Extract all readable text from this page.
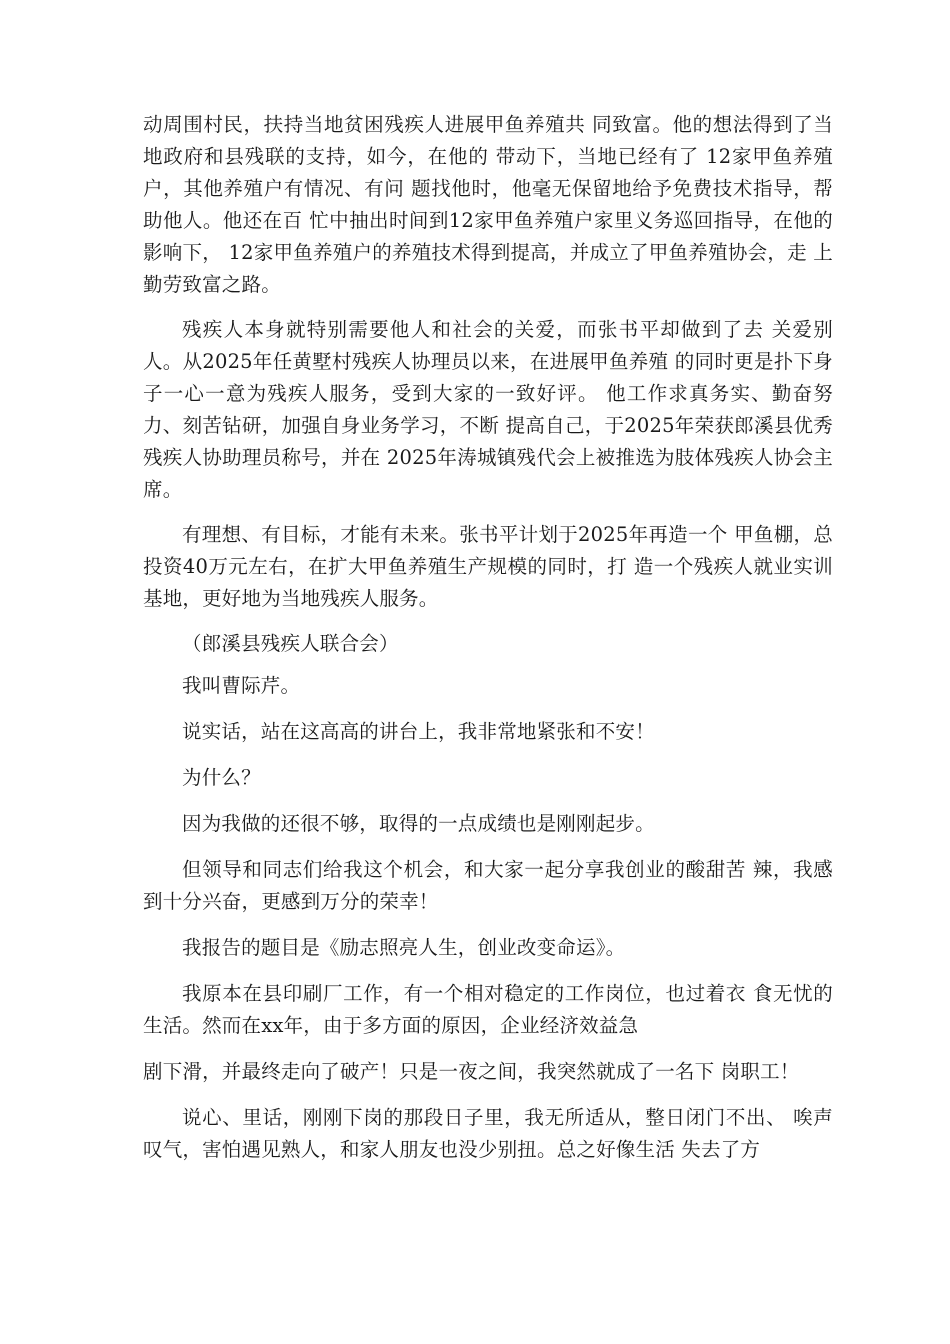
动周围村民，扶持当地贫困残疾人进展甲鱼养殖共 同致富。他的想法得到了当地政府和县残联的支持，如今，在他的 带动下，当地已经有了 12家甲鱼养殖户，其他养殖户有情况、有问 题找他时，他毫无保留地给予免费技术指导，帮助他人。他还在百 忙中抽出时间到12家甲鱼养殖户家里义务巡回指导，在他的影响下， 12家甲鱼养殖户的养殖技术得到提高，并成立了甲鱼养殖协会，走 上勤劳致富之路。

残疾人本身就特别需要他人和社会的关爱，而张书平却做到了去 关爱别人。从2025年任黄墅村残疾人协理员以来，在进展甲鱼养殖 的同时更是扑下身子一心一意为残疾人服务，受到大家的一致好评。 他工作求真务实、勤奋努力、刻苦钻研，加强自身业务学习，不断 提高自己，于2025年荣获郎溪县优秀残疾人协助理员称号，并在 2025年涛城镇残代会上被推选为肢体残疾人协会主席。

有理想、有目标，才能有未来。张书平计划于2025年再造一个 甲鱼棚，总投资40万元左右，在扩大甲鱼养殖生产规模的同时，打 造一个残疾人就业实训基地，更好地为当地残疾人服务。

（郎溪县残疾人联合会）

我叫曹际芹。

说实话，站在这高高的讲台上，我非常地紧张和不安！

为什么？

因为我做的还很不够，取得的一点成绩也是刚刚起步。

但领导和同志们给我这个机会，和大家一起分享我创业的酸甜苦 辣，我感到十分兴奋，更感到万分的荣幸！

我报告的题目是《励志照亮人生，创业改变命运》。

我原本在县印刷厂工作，有一个相对稳定的工作岗位，也过着衣 食无忧的生活。然而在xx年，由于多方面的原因，企业经济效益急

剧下滑，并最终走向了破产！只是一夜之间，我突然就成了一名下 岗职工！

说心、里话，刚刚下岗的那段日子里，我无所适从，整日闭门不出、 唉声叹气，害怕遇见熟人，和家人朋友也没少别扭。总之好像生活 失去了方
